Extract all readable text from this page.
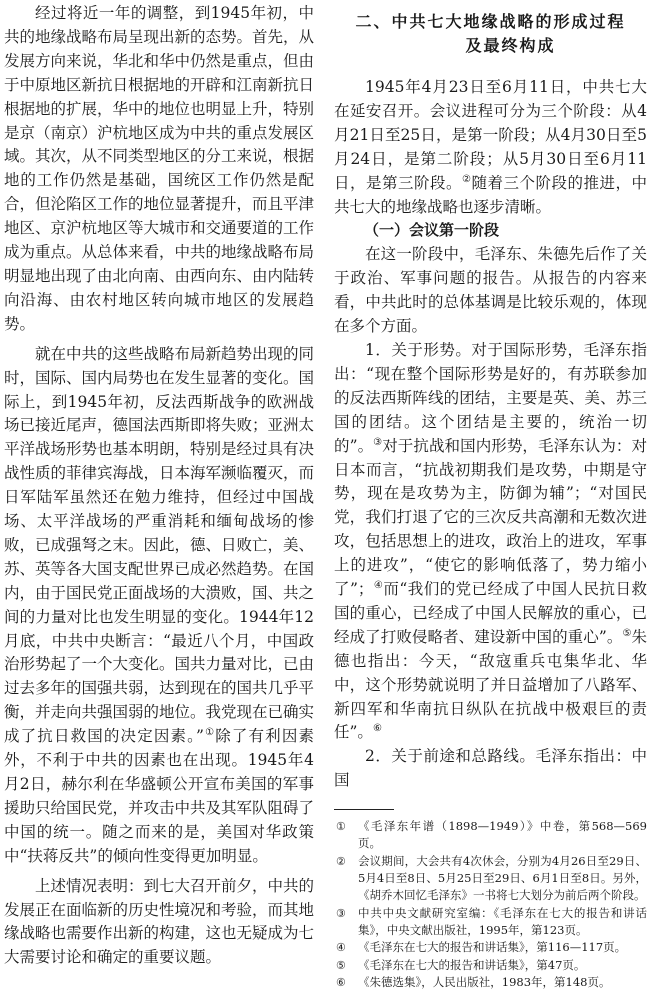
经过将近一年的调整，到1945年初，中共的地缘战略布局呈现出新的态势。首先，从发展方向来说，华北和华中仍然是重点，但由于中原地区新抗日根据地的开辟和江南新抗日根据地的扩展，华中的地位也明显上升，特别是京（南京）沪杭地区成为中共的重点发展区域。其次，从不同类型地区的分工来说，根据地的工作仍然是基础，国统区工作仍然是配合，但沦陷区工作的地位显著提升，而且平津地区、京沪杭地区等大城市和交通要道的工作成为重点。从总体来看，中共的地缘战略布局明显地出现了由北向南、由西向东、由内陆转向沿海、由农村地区转向城市地区的发展趋势。

就在中共的这些战略布局新趋势出现的同时，国际、国内局势也在发生显著的变化。国际上，到1945年初，反法西斯战争的欧洲战场已接近尾声，德国法西斯即将失败；亚洲太平洋战场形势也基本明朗，特别是经过具有决战性质的菲律宾海战，日本海军濒临覆灭，而日军陆军虽然还在勉力维持，但经过中国战场、太平洋战场的严重消耗和缅甸战场的惨败，已成强弩之末。因此，德、日败亡，美、苏、英等各大国支配世界已成必然趋势。在国内，由于国民党正面战场的大溃败，国、共之间的力量对比也发生明显的变化。1944年12月底，中共中央断言：“最近八个月，中国政治形势起了一个大变化。国共力量对比，已由过去多年的国强共弱，达到现在的国共几乎平衡，并走向共强国弱的地位。我党现在已确实成了抗日救国的决定因素。”①除了有利因素外，不利于中共的因素也在出现。1945年4月2日，赫尔利在华盛顿公开宣布美国的军事援助只给国民党，并攻击中共及其军队阻碍了中国的统一。随之而来的是，美国对华政策中“扶蒋反共”的倾向性变得更加明显。

上述情况表明：到七大召开前夕，中共的发展正在面临新的历史性境况和考验，而其地缘战略也需要作出新的构建，这也无疑成为七大需要讨论和确定的重要议题。

二、中共七大地缘战略的形成过程
及最终构成

1945年4月23日至6月11日，中共七大在延安召开。会议进程可分为三个阶段：从4月21日至25日，是第一阶段；从4月30日至5月24日，是第二阶段；从5月30日至6月11日，是第三阶段。②随着三个阶段的推进，中共七大的地缘战略也逐步清晰。

（一）会议第一阶段

在这一阶段中，毛泽东、朱德先后作了关于政治、军事问题的报告。从报告的内容来看，中共此时的总体基调是比较乐观的，体现在多个方面。

1．关于形势。对于国际形势，毛泽东指出：“现在整个国际形势是好的，有苏联参加的反法西斯阵线的团结，主要是英、美、苏三国的团结。这个团结是主要的，统治一切的”。③对于抗战和国内形势，毛泽东认为：对日本而言，“抗战初期我们是攻势，中期是守势，现在是攻势为主，防御为辅”；“对国民党，我们打退了它的三次反共高潮和无数次进攻，包括思想上的进攻，政治上的进攻，军事上的进攻”，“使它的影响低落了，势力缩小了”；④而“我们的党已经成了中国人民抗日救国的重心，已经成了中国人民解放的重心，已经成了打败侵略者、建设新中国的重心”。⑤朱德也指出：今天，“敌寇重兵屯集华北、华中，这个形势就说明了并日益增加了八路军、新四军和华南抗日纵队在抗战中极艰巨的责任”。⑥

2．关于前途和总路线。毛泽东指出：中国

①	《毛泽东年谱（1898—1949）》中卷，第568—569页。
②	会议期间，大会共有4次休会，分别为4月26日至29日、5月4日至8日、5月25日至29日、6月1日至8日。另外，《胡乔木回忆毛泽东》一书将七大划分为前后两个阶段。
③	中共中央文献研究室编：《毛泽东在七大的报告和讲话集》，中央文献出版社，1995年，第123页。
④	《毛泽东在七大的报告和讲话集》，第116—117页。
⑤	《毛泽东在七大的报告和讲话集》，第47页。
⑥	《朱德选集》，人民出版社，1983年，第148页。
